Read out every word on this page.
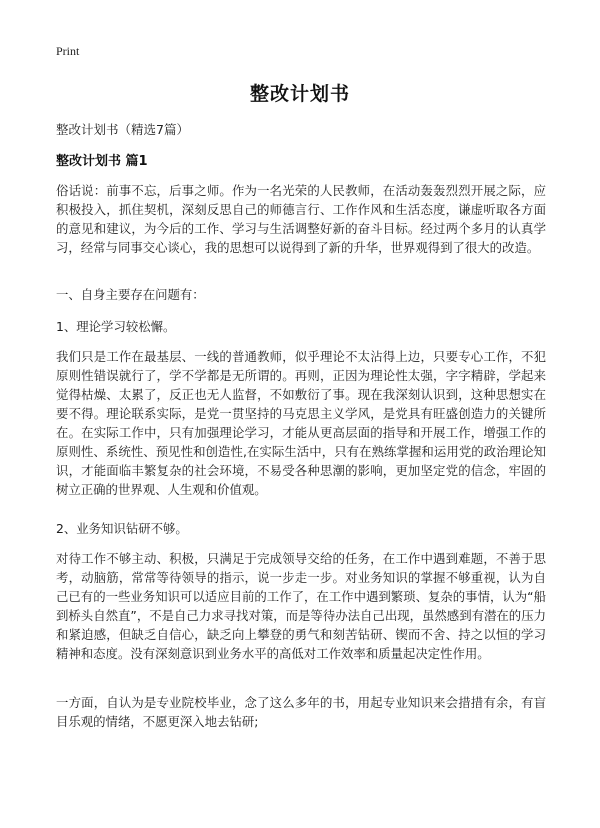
Print
整改计划书
整改计划书（精选7篇）
整改计划书 篇1

俗话说：前事不忘，后事之师。作为一名光荣的人民教师，在活动轰轰烈烈开展之际，应积极投入，抓住契机，深刻反思自己的师德言行、工作作风和生活态度，谦虚听取各方面的意见和建议，为今后的工作、学习与生活调整好新的奋斗目标。经过两个多月的认真学习，经常与同事交心谈心，我的思想可以说得到了新的升华，世界观得到了很大的改造。

一、自身主要存在问题有：

1、理论学习较松懈。

我们只是工作在最基层、一线的普通教师，似乎理论不太沾得上边，只要专心工作，不犯原则性错误就行了，学不学都是无所谓的。再则，正因为理论性太强，字字精辟，学起来觉得枯燥、太累了，反正也无人监督，不如敷衍了事。现在我深刻认识到，这种思想实在要不得。理论联系实际，是党一贯坚持的马克思主义学风，是党具有旺盛创造力的关键所在。在实际工作中，只有加强理论学习，才能从更高层面的指导和开展工作，增强工作的原则性、系统性、预见性和创造性,在实际生活中，只有在熟练掌握和运用党的政治理论知识，才能面临丰繁复杂的社会环境，不易受各种思潮的影响，更加坚定党的信念，牢固的树立正确的世界观、人生观和价值观。

2、业务知识钻研不够。

对待工作不够主动、积极，只满足于完成领导交给的任务，在工作中遇到难题，不善于思考，动脑筋，常常等待领导的指示，说一步走一步。对业务知识的掌握不够重视，认为自己已有的一些业务知识可以适应目前的工作了，在工作中遇到繁琐、复杂的事情，认为“船到桥头自然直”，不是自己力求寻找对策，而是等待办法自己出现，虽然感到有潜在的压力和紧迫感，但缺乏自信心，缺乏向上攀登的勇气和刻苦钻研、锲而不舍、持之以恒的学习精神和态度。没有深刻意识到业务水平的高低对工作效率和质量起决定性作用。

一方面，自认为是专业院校毕业，念了这么多年的书，用起专业知识来会措措有余，有盲目乐观的情绪，不愿更深入地去钻研;
